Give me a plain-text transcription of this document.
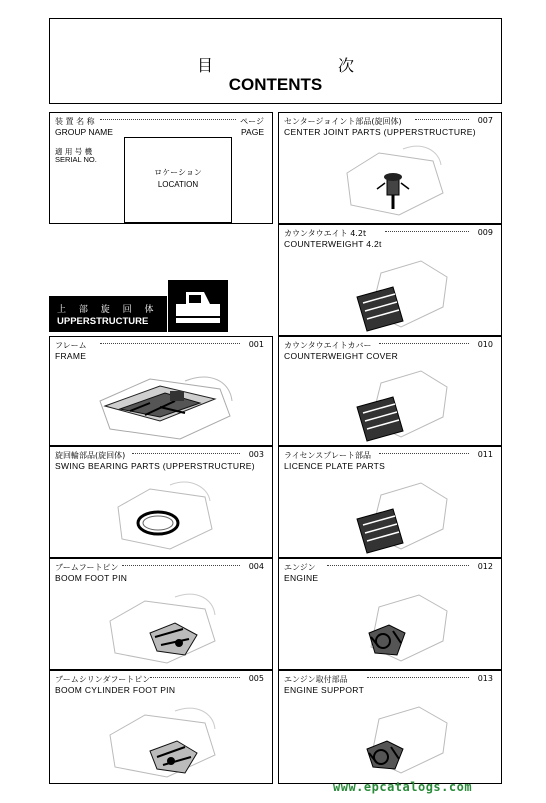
目 次
CONTENTS
装 置 名 称
GROUP NAME
ページ
PAGE
適 用 号 機
SERIAL NO.
ロケーション
LOCATION
上 部 旋 回 体
UPPERSTRUCTURE
フレーム
FRAME
001
旋回輪部品(旋回体)
SWING BEARING PARTS (UPPERSTRUCTURE)
003
ブームフートピン
BOOM FOOT PIN
004
ブームシリンダフートピン
BOOM CYLINDER FOOT PIN
005
センタージョイント部品(旋回体)
CENTER JOINT PARTS (UPPERSTRUCTURE)
007
カウンタウエイト 4.2t
COUNTERWEIGHT 4.2t
009
カウンタウエイトカバー
COUNTERWEIGHT COVER
010
ライセンスプレート部品
LICENCE PLATE PARTS
011
エンジン
ENGINE
012
エンジン取付部品
ENGINE SUPPORT
013
www.epcatalogs.com
